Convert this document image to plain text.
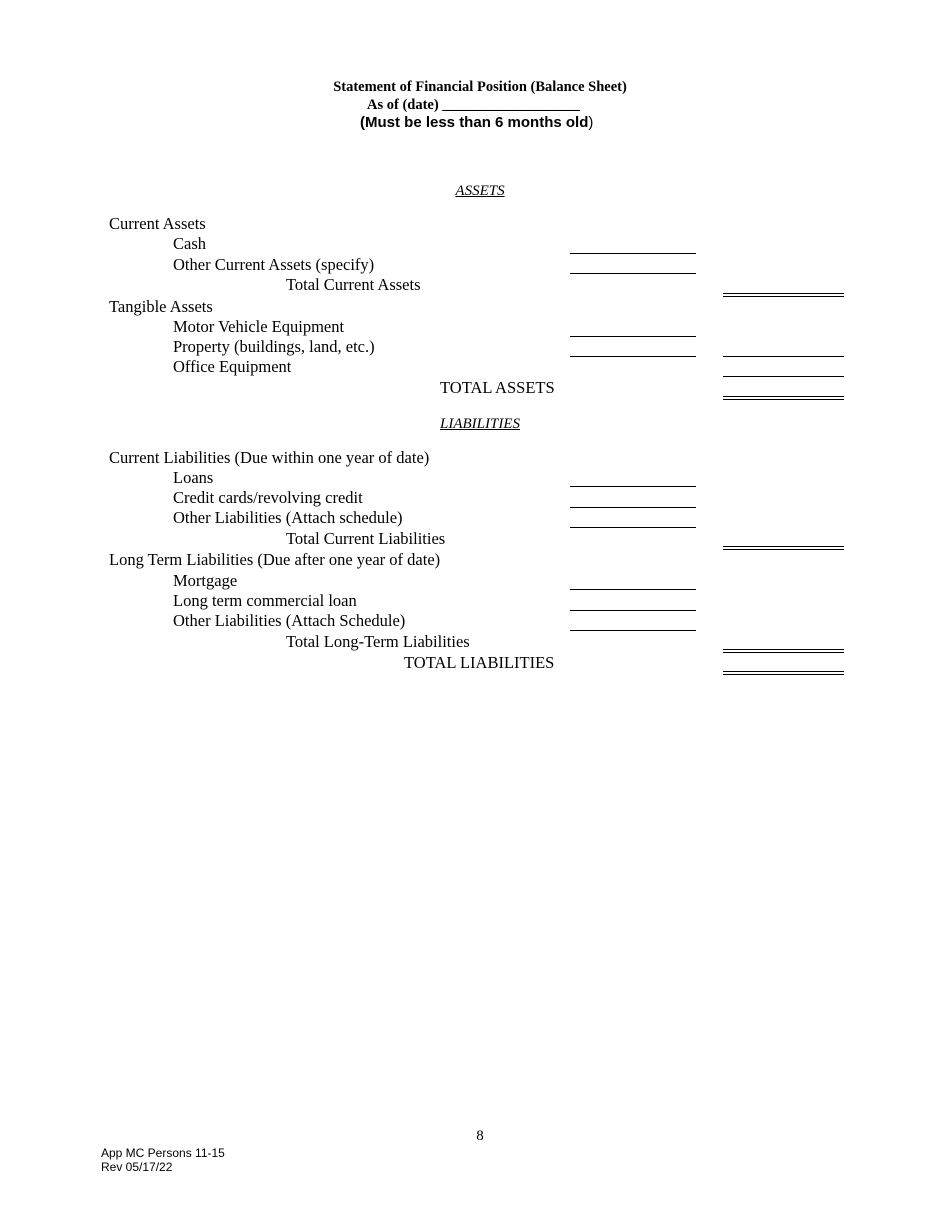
Statement of Financial Position (Balance Sheet)
As of (date) ___________________
(Must be less than 6 months old)
ASSETS
Current Assets
Cash
Other Current Assets (specify)
Total Current Assets
Tangible Assets
Motor Vehicle Equipment
Property (buildings, land, etc.)
Office Equipment
TOTAL ASSETS
LIABILITIES
Current Liabilities (Due within one year of date)
Loans
Credit cards/revolving credit
Other Liabilities (Attach schedule)
Total Current Liabilities
Long Term Liabilities (Due after one year of date)
Mortgage
Long term commercial loan
Other Liabilities (Attach Schedule)
Total Long-Term Liabilities
TOTAL LIABILITIES
8
App MC Persons 11-15
Rev 05/17/22
